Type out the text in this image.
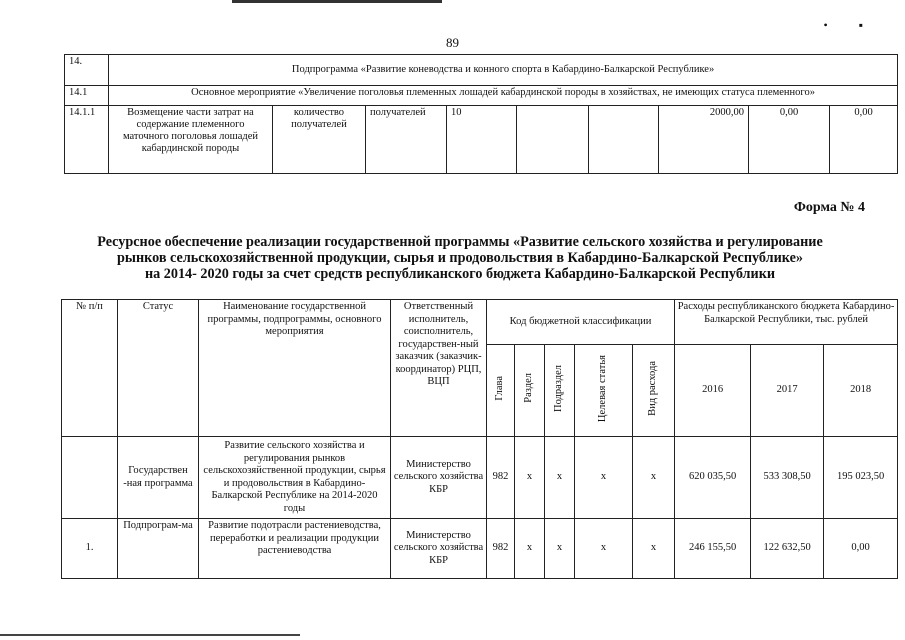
• ▪
89
14.	Подпрограмма «Развитие коневодства и конного спорта в Кабардино-Балкарской Республике»								
14.1	Основное мероприятие «Увеличение поголовья племенных лошадей кабардинской породы в хозяйствах, не имеющих статуса племенного»								
14.1.1	Возмещение части затрат на содержание племенного маточного поголовья лошадей кабардинской породы	количество получателей	получателей	10			2000,00	0,00	0,00
Форма № 4
Ресурсное обеспечение реализации государственной программы «Развитие сельского хозяйства и регулирование
рынков сельскохозяйственной продукции, сырья и продовольствия в Кабардино-Балкарской Республике»
на 2014- 2020 годы за счет средств республиканского бюджета Кабардино-Балкарской Республики
№ п/п	Статус	Наименование государственной программы, подпрограммы, основного мероприятия	Ответственный исполнитель, соисполнитель, государствен-ный заказчик (заказчик-координатор) РЦП, ВЦП	Код бюджетной классификации					Расходы республиканского бюджета Кабардино-Балкарской Республики, тыс. рублей		
				Глава	Раздел	Подраздел	Целевая статья	Вид расхода	2016	2017	2018
	Государствен -ная программа	Развитие сельского хозяйства и регулирования рынков сельскохозяйственной продукции, сырья и продовольствия в Кабардино-Балкарской Республике на 2014-2020 годы	Министерство сельского хозяйства КБР	982	х	х	х	х	620 035,50	533 308,50	195 023,50
1.	Подпрограм-ма	Развитие подотрасли растениеводства, переработки и реализации продукции растениеводства	Министерство сельского хозяйства КБР	982	х	х	х	х	246 155,50	122 632,50	0,00
